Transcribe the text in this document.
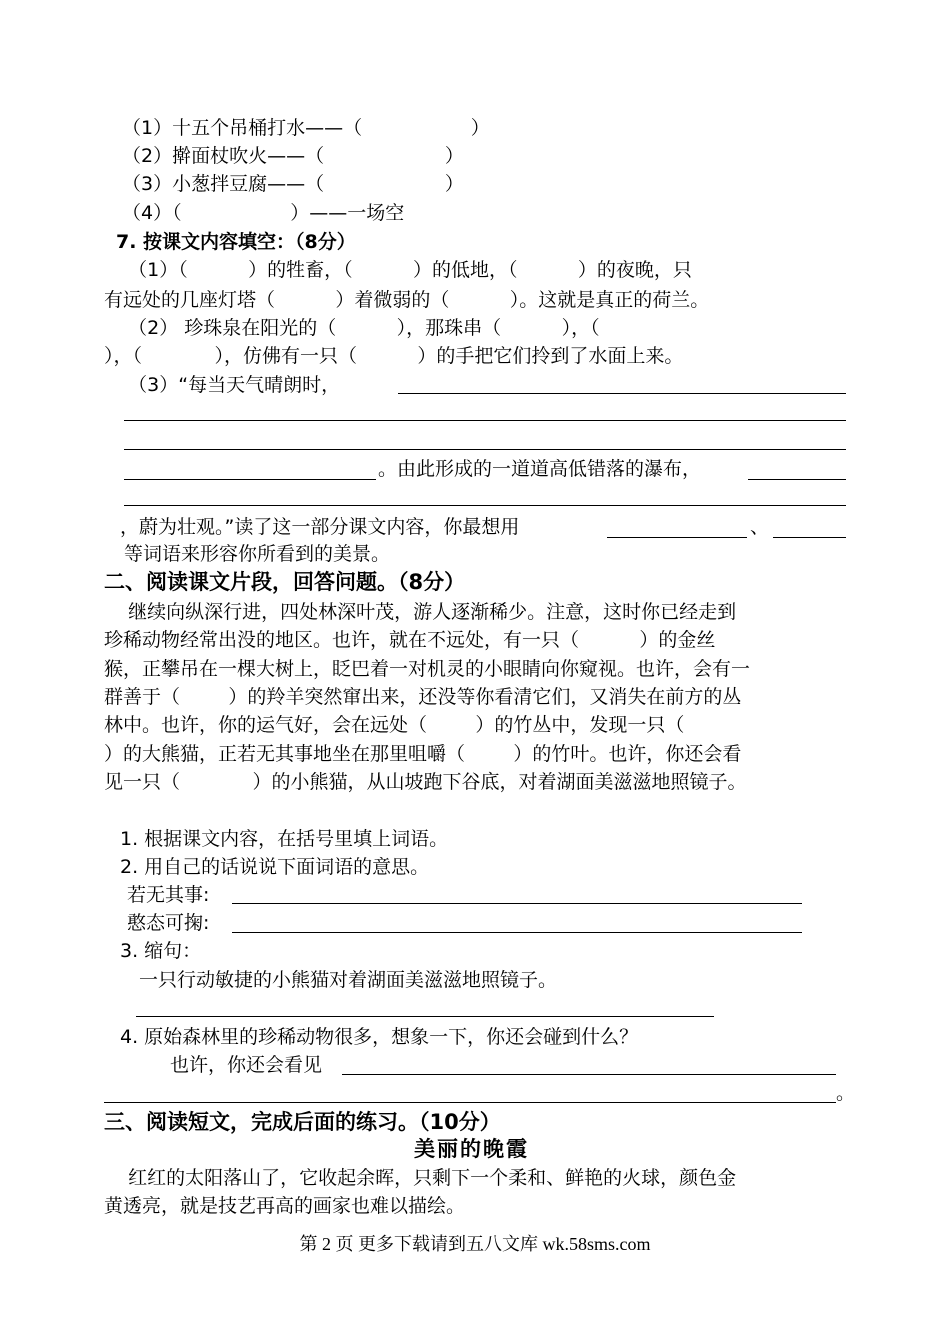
（1）十五个吊桶打水——（                  ）
（2）擀面杖吹火——（                    ）
（3）小葱拌豆腐——（                    ）
（4）（                  ）——一场空
7. 按课文内容填空：（8分）
（1）（          ）的牲畜，（          ）的低地，（          ）的夜晚，只
有远处的几座灯塔（          ）着微弱的（          ）。这就是真正的荷兰。
（2） 珍珠泉在阳光的（          ），那珠串（          ），（
），（            ），仿佛有一只（          ）的手把它们拎到了水面上来。
（3）“每当天气晴朗时，
。由此形成的一道道高低错落的瀑布，
，蔚为壮观。”读了这一部分课文内容，你最想用	、
等词语来形容你所看到的美景。
二、阅读课文片段，回答问题。（8分）
继续向纵深行进，四处林深叶茂，游人逐渐稀少。注意，这时你已经走到
珍稀动物经常出没的地区。也许，就在不远处，有一只（          ）的金丝
猴，正攀吊在一棵大树上，眨巴着一对机灵的小眼睛向你窥视。也许，会有一
群善于（        ）的羚羊突然窜出来，还没等你看清它们，又消失在前方的丛
林中。也许，你的运气好，会在远处（        ）的竹丛中，发现一只（
）的大熊猫，正若无其事地坐在那里咀嚼（        ）的竹叶。也许，你还会看
见一只（            ）的小熊猫，从山坡跑下谷底，对着湖面美滋滋地照镜子。
1. 根据课文内容，在括号里填上词语。
2. 用自己的话说说下面词语的意思。
若无其事:
憨态可掬:
3. 缩句：
一只行动敏捷的小熊猫对着湖面美滋滋地照镜子。
4. 原始森林里的珍稀动物很多，想象一下，你还会碰到什么？
也许，你还会看见
。
三、阅读短文，完成后面的练习。（10分）
美丽的晚霞
红红的太阳落山了，它收起余晖，只剩下一个柔和、鲜艳的火球，颜色金
黄透亮，就是技艺再高的画家也难以描绘。
第 2 页 更多下载请到五八文库 wk.58sms.com
